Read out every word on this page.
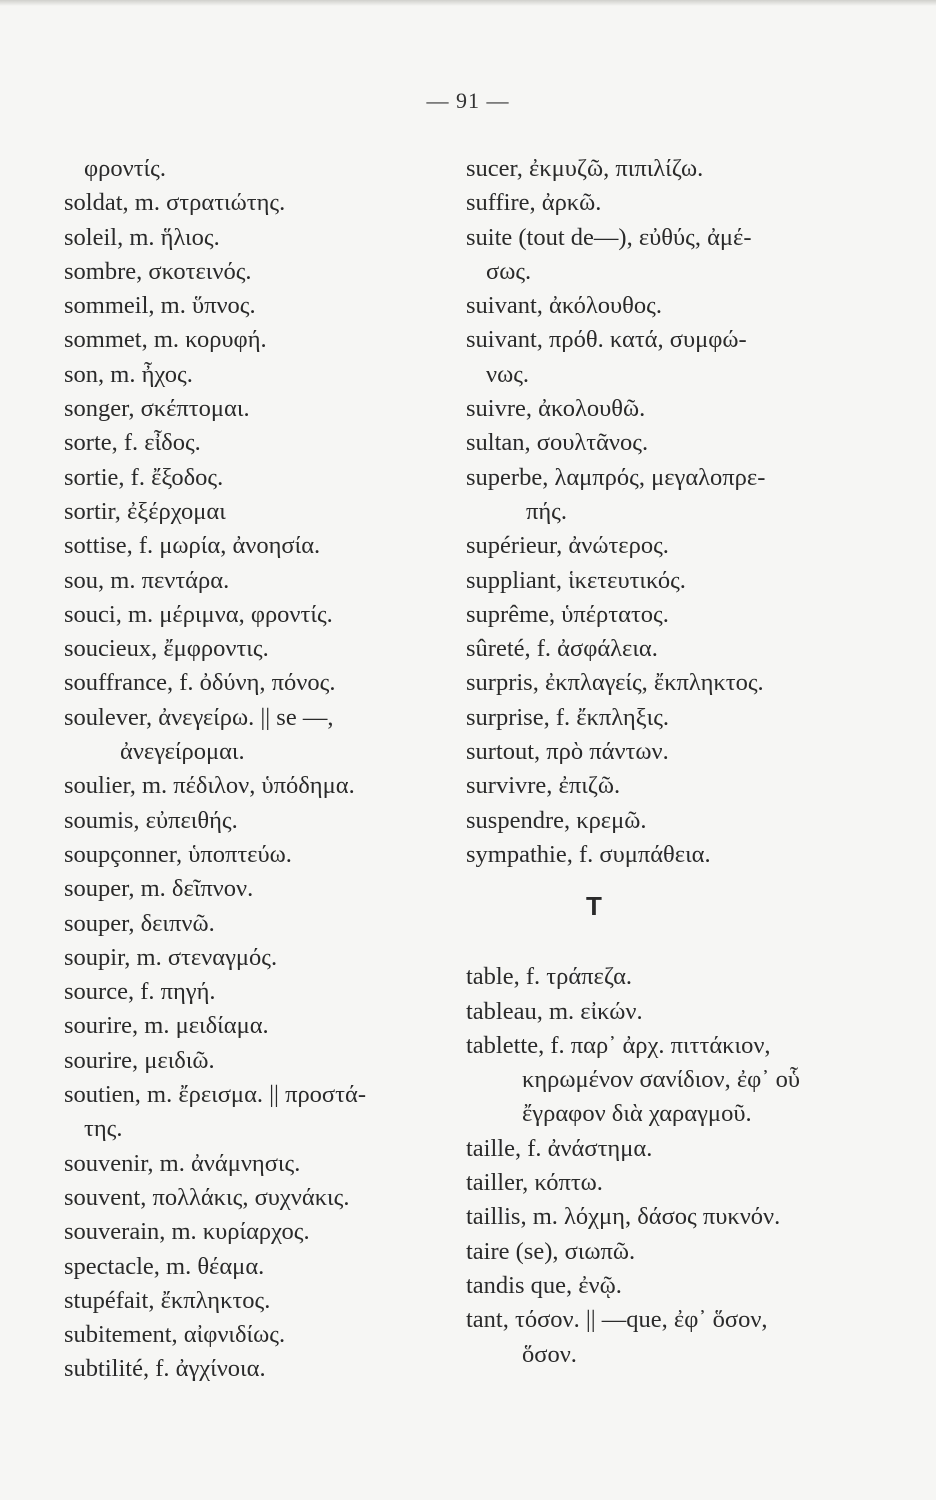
— 91 —
φροντίς.
soldat, m. στρατιώτης.
soleil, m. ἥλιος.
sombre, σκοτεινός.
sommeil, m. ὕπνος.
sommet, m. κορυφή.
son, m. ἦχος.
songer, σκέπτομαι.
sorte, f. εἶδος.
sortie, f. ἔξοδος.
sortir, ἐξέρχομαι
sottise, f. μωρία, ἀνοησία.
sou, m. πεντάρα.
souci, m. μέριμνα, φροντίς.
soucieux, ἔμφροντις.
souffrance, f. ὀδύνη, πόνος.
soulever, ἀνεγείρω. || se —,
ἀνεγείρομαι.
soulier, m. πέδιλον, ὑπόδημα.
soumis, εὐπειθής.
soupçonner, ὑποπτεύω.
souper, m. δεῖπνον.
souper, δειπνῶ.
soupir, m. στεναγμός.
source, f. πηγή.
sourire, m. μειδίαμα.
sourire, μειδιῶ.
soutien, m. ἔρεισμα. || προστά-
της.
souvenir, m. ἀνάμνησις.
souvent, πολλάκις, συχνάκις.
souverain, m. κυρίαρχος.
spectacle, m. θέαμα.
stupéfait, ἔκπληκτος.
subitement, αἰφνιδίως.
subtilité, f. ἀγχίνοια.
sucer, ἐκμυζῶ, πιπιλίζω.
suffire, ἀρκῶ.
suite (tout de—), εὐθύς, ἀμέ-
σως.
suivant, ἀκόλουθος.
suivant, πρόθ. κατά, συμφώ-
νως.
suivre, ἀκολουθῶ.
sultan, σουλτᾶνος.
superbe, λαμπρός, μεγαλοπρε-
πής.
supérieur, ἀνώτερος.
suppliant, ἱκετευτικός.
suprême, ὑπέρτατος.
sûreté, f. ἀσφάλεια.
surpris, ἐκπλαγείς, ἔκπληκτος.
surprise, f. ἔκπληξις.
surtout, πρὸ πάντων.
survivre, ἐπιζῶ.
suspendre, κρεμῶ.
sympathie, f. συμπάθεια.
T
table, f. τράπεζα.
tableau, m. εἰκών.
tablette, f. παρ᾽ ἀρχ. πιττάκιον,
κηρωμένον σανίδιον, ἐφ᾽ οὗ
ἔγραφον διὰ χαραγμοῦ.
taille, f. ἀνάστημα.
tailler, κόπτω.
taillis, m. λόχμη, δάσος πυκνόν.
taire (se), σιωπῶ.
tandis que, ἐνῷ.
tant, τόσον. || —que, ἐφ᾽ ὅσον,
ὅσον.
